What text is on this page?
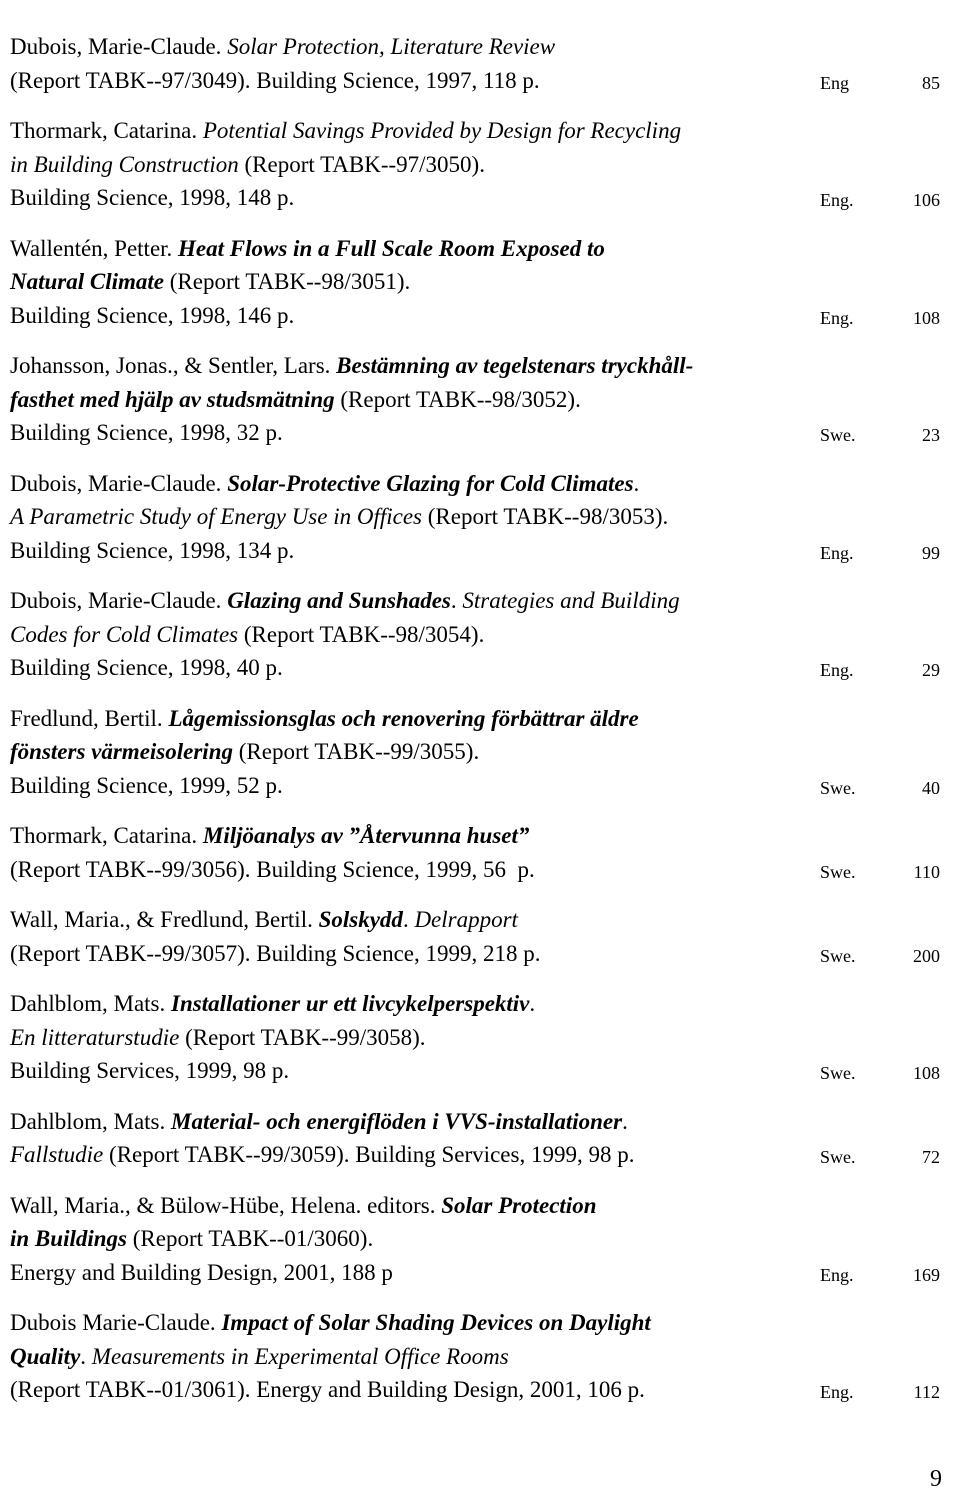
Dubois, Marie-Claude. Solar Protection, Literature Review
(Report TABK--97/3049). Building Science, 1997, 118 p.	Eng	85
Thormark, Catarina. Potential Savings Provided by Design for Recycling
in Building Construction (Report TABK--97/3050).
Building Science, 1998, 148 p.	Eng.	106
Wallentén, Petter. Heat Flows in a Full Scale Room Exposed to
Natural Climate (Report TABK--98/3051).
Building Science, 1998, 146 p.	Eng.	108
Johansson, Jonas., & Sentler, Lars. Bestämning av tegelstenars tryckhåll-
fasthet med hjälp av studsmätning (Report TABK--98/3052).
Building Science, 1998, 32 p.	Swe.	23
Dubois, Marie-Claude. Solar-Protective Glazing for Cold Climates.
A Parametric Study of Energy Use in Offices (Report TABK--98/3053).
Building Science, 1998, 134 p.	Eng.	99
Dubois, Marie-Claude. Glazing and Sunshades. Strategies and Building
Codes for Cold Climates (Report TABK--98/3054).
Building Science, 1998, 40 p.	Eng.	29
Fredlund, Bertil. Lågemissionsglas och renovering förbättrar äldre
fönsters värmeisolering (Report TABK--99/3055).
Building Science, 1999, 52 p.	Swe.	40
Thormark, Catarina. Miljöanalys av ”Återvunna huset”
(Report TABK--99/3056). Building Science, 1999, 56  p.	Swe.	110
Wall, Maria., & Fredlund, Bertil. Solskydd. Delrapport
(Report TABK--99/3057). Building Science, 1999, 218 p.	Swe.	200
Dahlblom, Mats. Installationer ur ett livcykelperspektiv.
En litteraturstudie (Report TABK--99/3058).
Building Services, 1999, 98 p.	Swe.	108
Dahlblom, Mats. Material- och energiflöden i VVS-installationer.
Fallstudie (Report TABK--99/3059). Building Services, 1999, 98 p.	Swe.	72
Wall, Maria., & Bülow-Hübe, Helena. editors. Solar Protection
in Buildings (Report TABK--01/3060).
Energy and Building Design, 2001, 188 p	Eng.	169
Dubois Marie-Claude. Impact of Solar Shading Devices on Daylight
Quality. Measurements in Experimental Office Rooms
(Report TABK--01/3061). Energy and Building Design, 2001, 106 p.	Eng.	112
9
